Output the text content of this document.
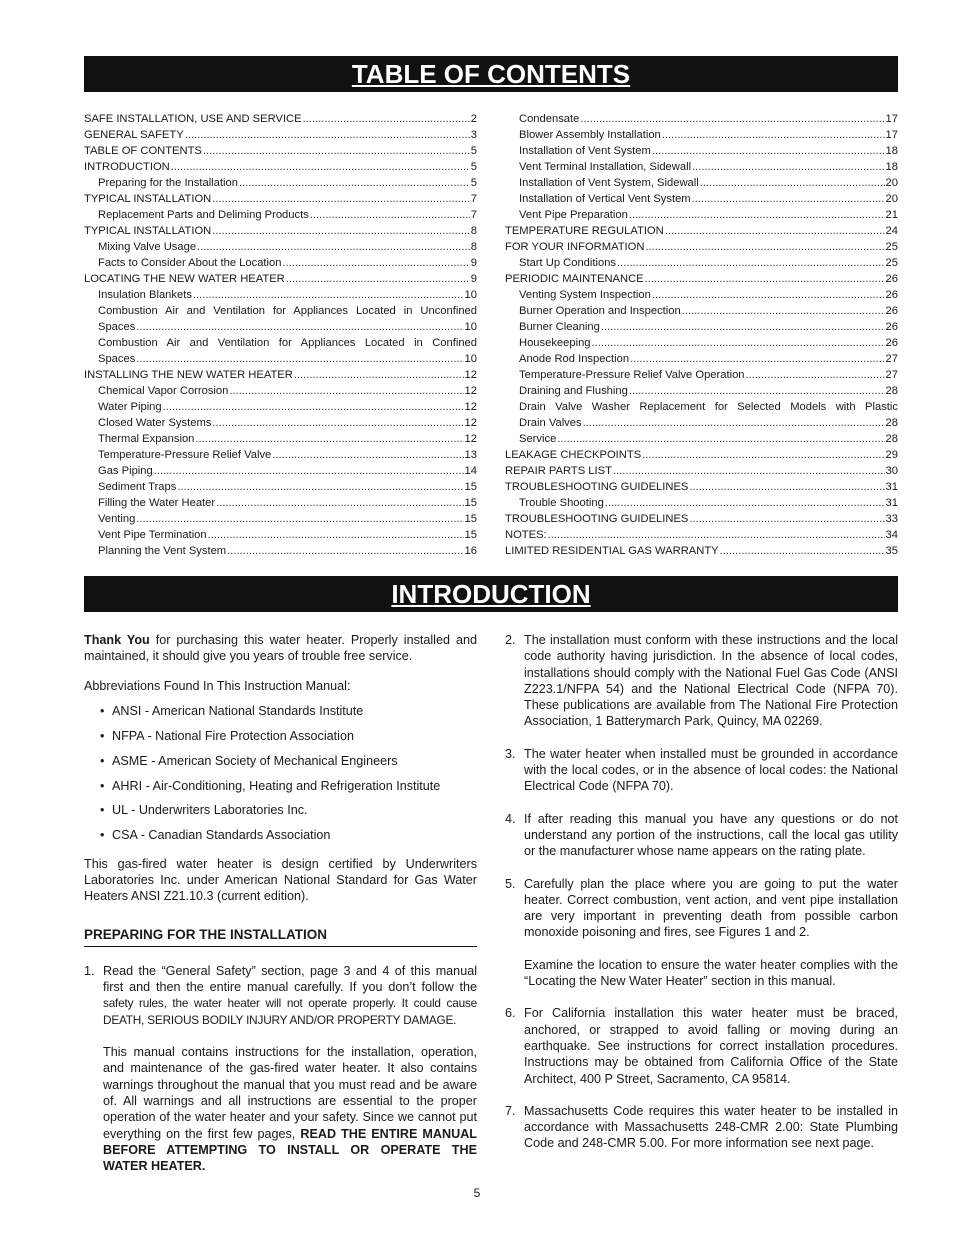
TABLE OF CONTENTS
SAFE INSTALLATION, USE AND SERVICE .....	2
GENERAL SAFETY .....	3
TABLE OF CONTENTS .....	5
INTRODUCTION .....	5
Preparing for the Installation .....	5
TYPICAL INSTALLATION .....	7
Replacement Parts and Deliming Products .....	7
TYPICAL INSTALLATION .....	8
Mixing Valve Usage .....	8
Facts to Consider About the Location .....	9
LOCATING THE NEW WATER HEATER .....	9
Insulation Blankets .....	10
Combustion Air and Ventilation for Appliances Located in Unconfined
Spaces .....	10
Combustion Air and Ventilation for Appliances Located in Confined
Spaces .....	10
INSTALLING THE NEW WATER HEATER .....	12
Chemical Vapor Corrosion .....	12
Water Piping .....	12
Closed Water Systems .....	12
Thermal Expansion .....	12
Temperature-Pressure Relief Valve .....	13
Gas Piping .....	14
Sediment Traps .....	15
Filling the Water Heater .....	15
Venting .....	15
Vent Pipe Termination .....	15
Planning the Vent System .....	16
Condensate .....	17
Blower Assembly Installation .....	17
Installation of Vent System .....	18
Vent Terminal Installation, Sidewall .....	18
Installation of Vent System, Sidewall .....	20
Installation of Vertical Vent System .....	20
Vent Pipe Preparation .....	21
TEMPERATURE REGULATION .....	24
FOR YOUR INFORMATION .....	25
Start Up Conditions .....	25
PERIODIC MAINTENANCE .....	26
Venting System Inspection .....	26
Burner Operation and Inspection .....	26
Burner Cleaning .....	26
Housekeeping .....	26
Anode Rod Inspection .....	27
Temperature-Pressure Relief Valve Operation .....	27
Draining and Flushing .....	28
Drain Valve Washer Replacement for Selected Models with Plastic
Drain Valves .....	28
Service .....	28
LEAKAGE CHECKPOINTS .....	29
REPAIR PARTS LIST .....	30
TROUBLESHOOTING GUIDELINES .....	31
Trouble Shooting .....	31
TROUBLESHOOTING GUIDELINES .....	33
NOTES: .....	34
LIMITED RESIDENTIAL GAS WARRANTY .....	35
INTRODUCTION

Thank You for purchasing this water heater. Properly installed and maintained, it should give you years of trouble free service.

Abbreviations Found In This Instruction Manual:

• ANSI - American National Standards Institute
• NFPA - National Fire Protection Association
• ASME - American Society of Mechanical Engineers
• AHRI - Air-Conditioning, Heating and Refrigeration Institute
• UL - Underwriters Laboratories Inc.
• CSA - Canadian Standards Association

This gas-fired water heater is design certified by Underwriters Laboratories Inc. under American National Standard for Gas Water Heaters ANSI Z21.10.3 (current edition).

PREPARING FOR THE INSTALLATION
1. Read the “General Safety” section, page 3 and 4 of this manual first and then the entire manual carefully. If you don’t follow the safety rules, the water heater will not operate properly. It could cause DEATH, SERIOUS BODILY INJURY AND/OR PROPERTY DAMAGE.

This manual contains instructions for the installation, operation, and maintenance of the gas-fired water heater. It also contains warnings throughout the manual that you must read and be aware of. All warnings and all instructions are essential to the proper operation of the water heater and your safety. Since we cannot put everything on the first few pages, READ THE ENTIRE MANUAL BEFORE ATTEMPTING TO INSTALL OR OPERATE THE WATER HEATER.

2. The installation must conform with these instructions and the local code authority having jurisdiction. In the absence of local codes, installations should comply with the National Fuel Gas Code (ANSI Z223.1/NFPA 54) and the National Electrical Code (NFPA 70). These publications are available from The National Fire Protection Association, 1 Batterymarch Park, Quincy, MA 02269.

3. The water heater when installed must be grounded in accordance with the local codes, or in the absence of local codes: the National Electrical Code (NFPA 70).

4. If after reading this manual you have any questions or do not understand any portion of the instructions, call the local gas utility or the manufacturer whose name appears on the rating plate.

5. Carefully plan the place where you are going to put the water heater. Correct combustion, vent action, and vent pipe installation are very important in preventing death from possible carbon monoxide poisoning and fires, see Figures 1 and 2.

Examine the location to ensure the water heater complies with the “Locating the New Water Heater” section in this manual.

6. For California installation this water heater must be braced, anchored, or strapped to avoid falling or moving during an earthquake. See instructions for correct installation procedures. Instructions may be obtained from California Office of the State Architect, 400 P Street, Sacramento, CA 95814.

7. Massachusetts Code requires this water heater to be installed in accordance with Massachusetts 248-CMR 2.00: State Plumbing Code and 248-CMR 5.00. For more information see next page.

5
